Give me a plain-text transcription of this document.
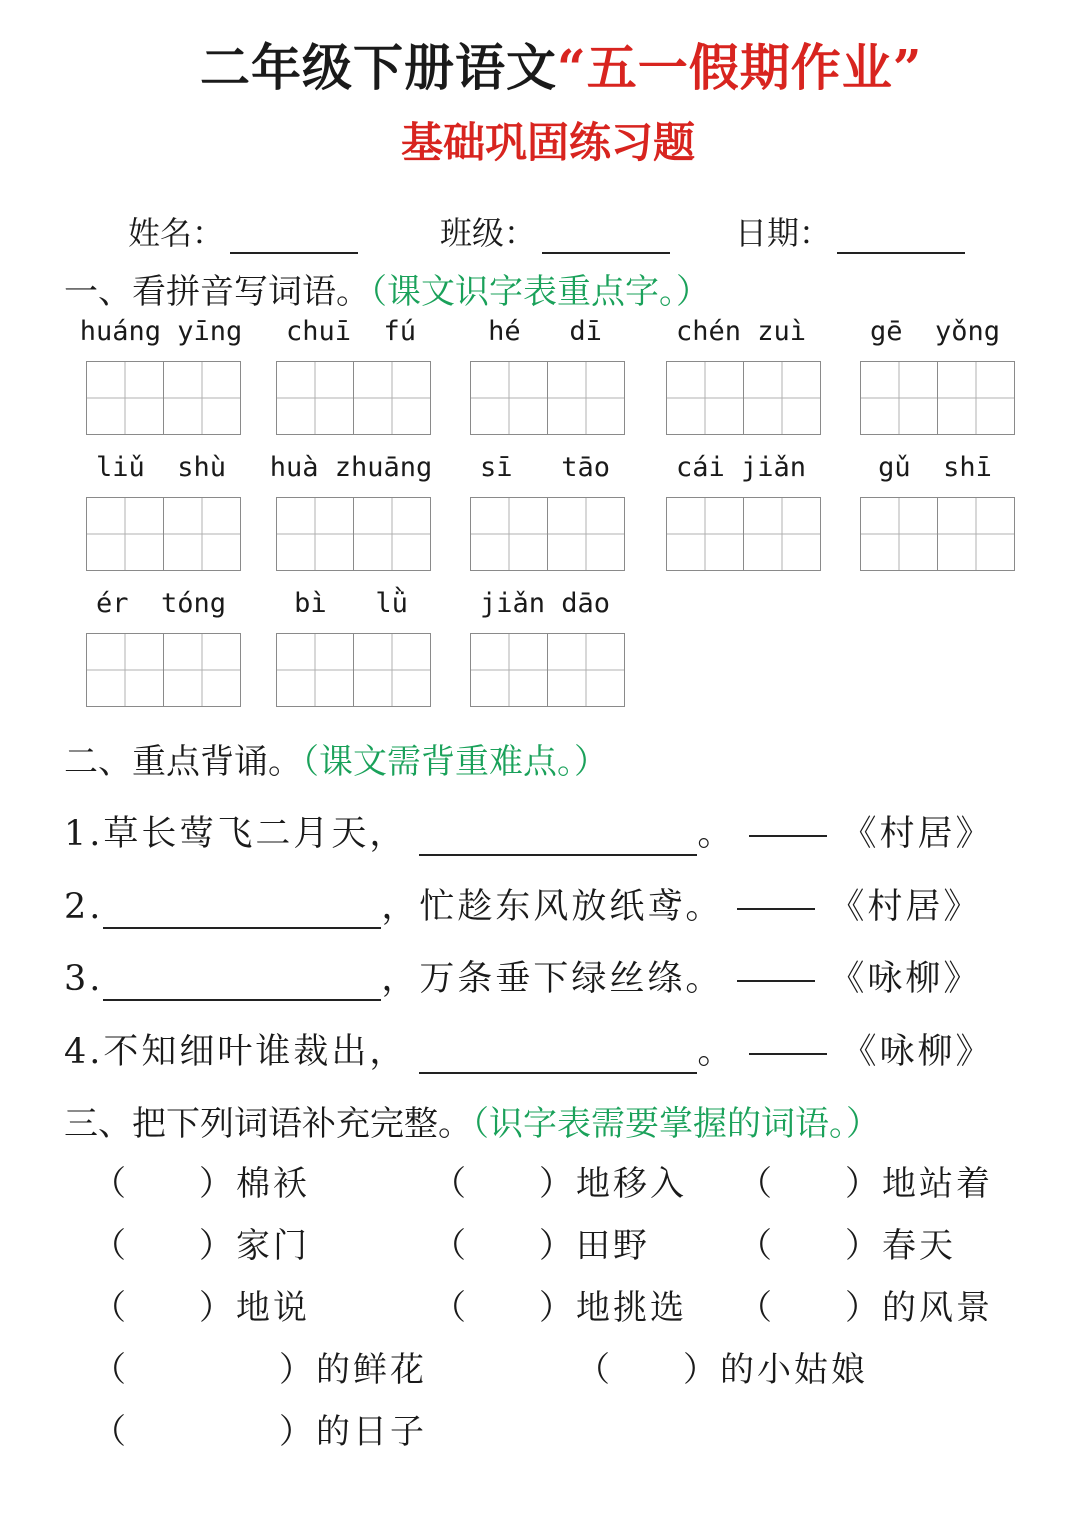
二年级下册语文“五一假期作业”
基础巩固练习题
姓名：	班级：	日期：
一、看拼音写词语。（课文识字表重点字。）
huáng yīng	chuī  fú	hé   dī	chén zuì	gē  yǒng
liǔ  shù	huà zhuāng	sī   tāo	cái jiǎn	gǔ  shī
ér  tóng	bì   lǜ	jiǎn dāo
二、重点背诵。（课文需背重难点。）
1.草长莺飞二月天，	。	《村居》
2.	，忙趁东风放纸鸢。	《村居》
3.	，万条垂下绿丝绦。	《咏柳》
4.不知细叶谁裁出，	。	《咏柳》
三、把下列词语补充完整。（识字表需要掌握的词语。）
（ ）棉袄	（ ）地移入 （ ）地站着
（ ）家门	（ ）田野	（ ）春天
（ ）地说	（ ）地挑选 （ ）的风景
（	）的鲜花	（ ）的小姑娘
（	）的日子
